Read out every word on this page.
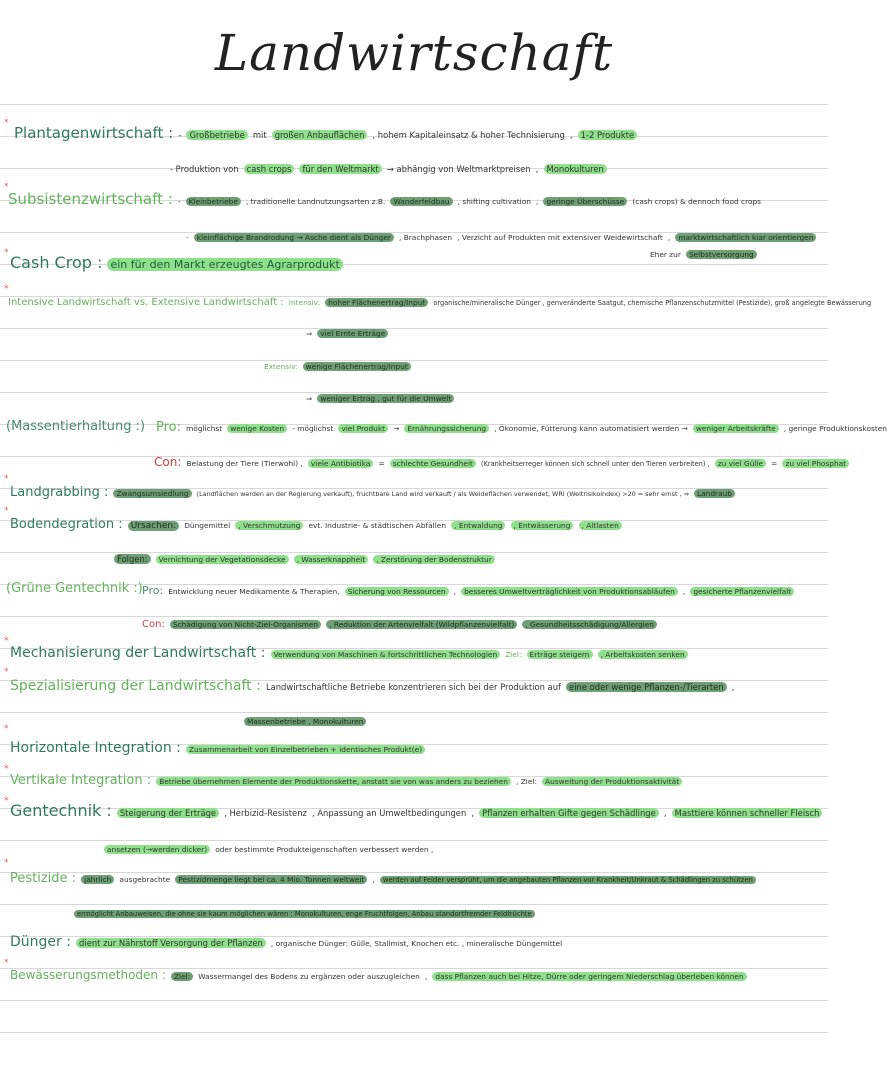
Landwirtschaft
*
Plantagenwirtschaft : - Großbetriebe mit großen Anbauflächen , hohem Kapitaleinsatz & hoher Technisierung , 1-2 Produkte
- Produktion von cash crops für den Weltmarkt → abhängig von Weltmarktpreisen , Monokulturen
*
Subsistenzwirtschaft : - Kleinbetriebe , traditionelle Landnutzungsarten z.B. Wanderfeldbau , shifting cultivation , geringe Überschüsse (cash crops) & dennoch food crops
- kleinflächige Brandrodung → Asche dient als Dünger , Brachphasen , Verzicht auf Produkten mit extensiver Weidewirtschaft , marktwirtschaftlich kiar orientiergen
Eher zur Selbstversorgung
* Cash Crop : ein für den Markt erzeugtes Agrarprodukt
*
Intensive Landwirtschaft vs. Extensive Landwirtschaft : Intensiv: hoher Flächenertrag/Input organische/mineralische Dünger , genveränderte Saatgut, chemische Pflanzenschutzmittel (Pestizide), groß angelegte Bewässerung
⇒ viel Ernte Erträge
Extensiv: wenige Flächenertrag/Input
⇒ weniger Ertrag , gut für die Umwelt
(Massentierhaltung :) Pro: möglichst wenige Kosten - möglichst viel Produkt → Ernährungssicherung , Ökonomie, Fütterung kann automatisiert werden → weniger Arbeitskräfte , geringe Produktionskosten
Con: Belastung der Tiere (Tierwohl) , viele Antibiotika = schlechte Gesundheit (Krankheitserreger können sich schnell unter den Tieren verbreiten) , zu viel Gülle = zu viel Phosphat
*
Landgrabbing : Zwangsumsiedlung (Landflächen werden an der Regierung verkauft), fruchtbare Land wird verkauft / als Weideflächen verwendet, WRI (Weltrisikoindex) >20 = sehr ernst , ⇒ Landraub
*
Bodendegration : Ursachen: Düngemittel , Verschmutzung evt. Industrie- & städtischen Abfällen , Entwaldung , Entwässerung , Altlasten
Folgen: Vernichtung der Vegetationsdecke , Wasserknappheit , Zerstörung der Bodenstruktur
(Grüne Gentechnik :) Pro: Entwicklung neuer Medikamente & Therapien, Sicherung von Ressourcen , besseres Umweltverträglichkeit von Produktionsabläufen , gesicherte Pflanzenvielfalt
Con: Schädigung von Nicht-Ziel-Organismen , Reduktion der Artenvielfalt (Wildpflanzenvielfalt) , Gesundheitsschädigung/Allergien
*
Mechanisierung der Landwirtschaft : Verwendung von Maschinen & fortschrittlichen Technologien Ziel: Erträge steigern , Arbeitskosten senken
*
Spezialisierung der Landwirtschaft : Landwirtschaftliche Betriebe konzentrieren sich bei der Produktion auf eine oder wenige Pflanzen-/Tierarten ,
Massenbetriebe , Monokulturen
*
Horizontale Integration : Zusammenarbeit von Einzelbetrieben + identisches Produkt(e)
*
Vertikale Integration : Betriebe übernehmen Elemente der Produktionskette, anstatt sie von was anders zu beziehen , Ziel: Ausweitung der Produktionsaktivität
* Gentechnik : Steigerung der Erträge , Herbizid-Resistenz , Anpassung an Umweltbedingungen , Pflanzen erhalten Gifte gegen Schädlinge , Masttiere können schneller Fleisch
ansetzen (→werden dicker) oder bestimmte Produkteigenschaften verbessert werden ,
*
Pestizide : jährlich ausgebrachte Pestizidmenge liegt bei ca. 4 Mio. Tonnen weltweit , werden auf Felder versprüht, um die angebauten Pflanzen vor Krankheit/Unkraut & Schädlingen zu schützen
ermöglicht Anbauweisen, die ohne sie kaum möglichen wären : Monokulturen, enge Fruchtfolgen, Anbau standortfremder Feldfrüchte
Dünger : dient zur Nährstoff Versorgung der Pflanzen , organische Dünger: Gülle, Stallmist, Knochen etc. , mineralische Düngemittel
*
Bewässerungsmethoden : Ziel: Wassermangel des Bodens zu ergänzen oder auszugleichen , dass Pflanzen auch bei Hitze, Dürre oder geringem Niederschlag überleben können
